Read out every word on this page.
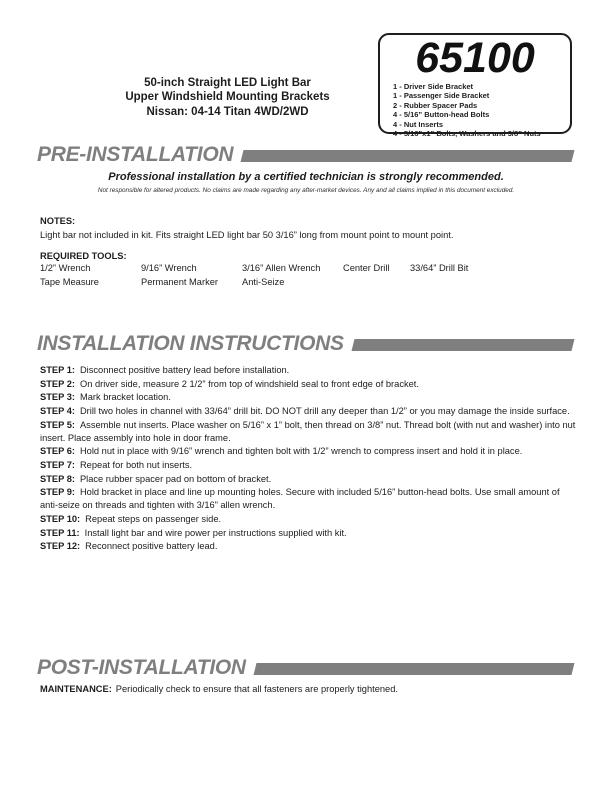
50-inch Straight LED Light Bar
Upper Windshield Mounting Brackets
Nissan: 04-14 Titan 4WD/2WD
65100
1 - Driver Side Bracket
1 - Passenger Side Bracket
2 - Rubber Spacer Pads
4 - 5/16” Button-head Bolts
4 - Nut Inserts
4 - 5/16”x1” Bolts, Washers and 3/8” Nuts
PRE-INSTALLATION
Professional installation by a certified technician is strongly recommended.
Not responsible for altered products. No claims are made regarding any after-market devices. Any and all claims implied in this document excluded.
NOTES:
Light bar not included in kit. Fits straight LED light bar 50 3/16” long from mount point to mount point.
REQUIRED TOOLS:
1/2” Wrench	9/16” Wrench	3/16” Allen Wrench	Center Drill	33/64” Drill Bit
Tape Measure	Permanent Marker	Anti-Seize
INSTALLATION INSTRUCTIONS
STEP 1: Disconnect positive battery lead before installation.
STEP 2: On driver side, measure 2 1/2” from top of windshield seal to front edge of bracket.
STEP 3: Mark bracket location.
STEP 4: Drill two holes in channel with 33/64” drill bit. DO NOT drill any deeper than 1/2” or you may damage the inside surface.
STEP 5: Assemble nut inserts. Place washer on 5/16” x 1” bolt, then thread on 3/8” nut. Thread bolt (with nut and washer) into nut insert. Place assembly into hole in door frame.
STEP 6: Hold nut in place with 9/16” wrench and tighten bolt with 1/2” wrench to compress insert and hold it in place.
STEP 7: Repeat for both nut inserts.
STEP 8: Place rubber spacer pad on bottom of bracket.
STEP 9: Hold bracket in place and line up mounting holes. Secure with included 5/16” button-head bolts. Use small amount of anti-seize on threads and tighten with 3/16” allen wrench.
STEP 10: Repeat steps on passenger side.
STEP 11: Install light bar and wire power per instructions supplied with kit.
STEP 12: Reconnect positive battery lead.
POST-INSTALLATION
MAINTENANCE: Periodically check to ensure that all fasteners are properly tightened.
